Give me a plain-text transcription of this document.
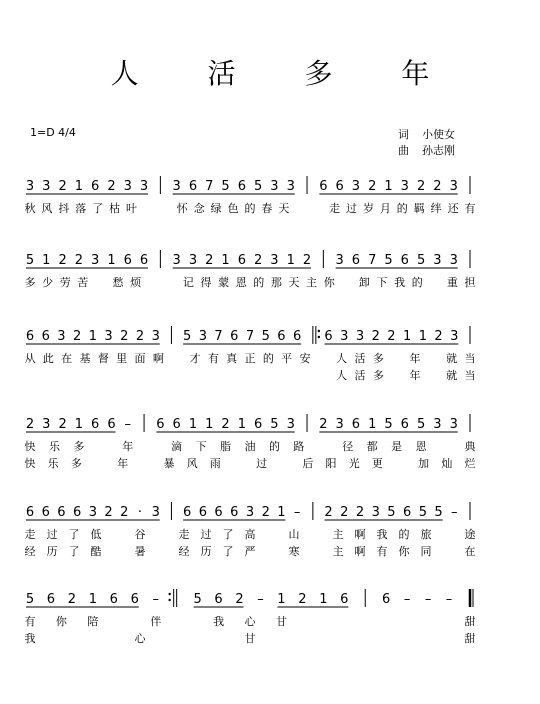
人 活 多 年
1=D 4/4	词 小使女
曲 孙志刚
3 3 2 1 6 2 3 3 3 6 7 5 6 5 3 3 6 6 3 2 1 3 2 2 3
秋 风 抖 落 了 枯 叶	怀 念 绿 色 的 春 天	走 过 岁 月 的 羁 绊 还 有
5 1 2 2 3 1 6 6 3 3 2 1 6 2 3 1 2 3 6 7 5 6 5 3 3
多 少 劳 苦 愁 烦	记 得 蒙 恩 的 那 天 主 你 卸 下 我 的 重 担
6 6 3 2 1 3 2 2 3 5 3 7 6 7 5 6 6 6 3 3 2 2 1 1 2 3
从 此 在 基 督 里 面 啊 才 有 真 正 的 平 安 人 活 多 年 就 当
人 活 多 年 就 当
2 3 2 1 6 6 – 6 6 1 1 2 1 6 5 3 2 3 6 1 5 6 5 3 3
快 乐 多	年	滴 下 脂 油 的 路	径 都 是 恩	典
快 乐 多	年	暴 风 雨	过	后 阳 光 更	加 灿 烂
6 6 6 6 3 2 2 · 3 6 6 6 6 3 2 1 – 2 2 2 3 5 6 5 5 –
走 过 了 低	谷	走 过 了 高	山	主 啊 我 的 旅	途
经 历 了 酷	暑	经 历 了 严	寒	主 啊 有 你 同	在
5 6 2 1 6 6 –	5 6 2 – 1 2 1 6	6 – – –
有 你 陪	伴	我 心 甘	甜
我	心	甘	甜
